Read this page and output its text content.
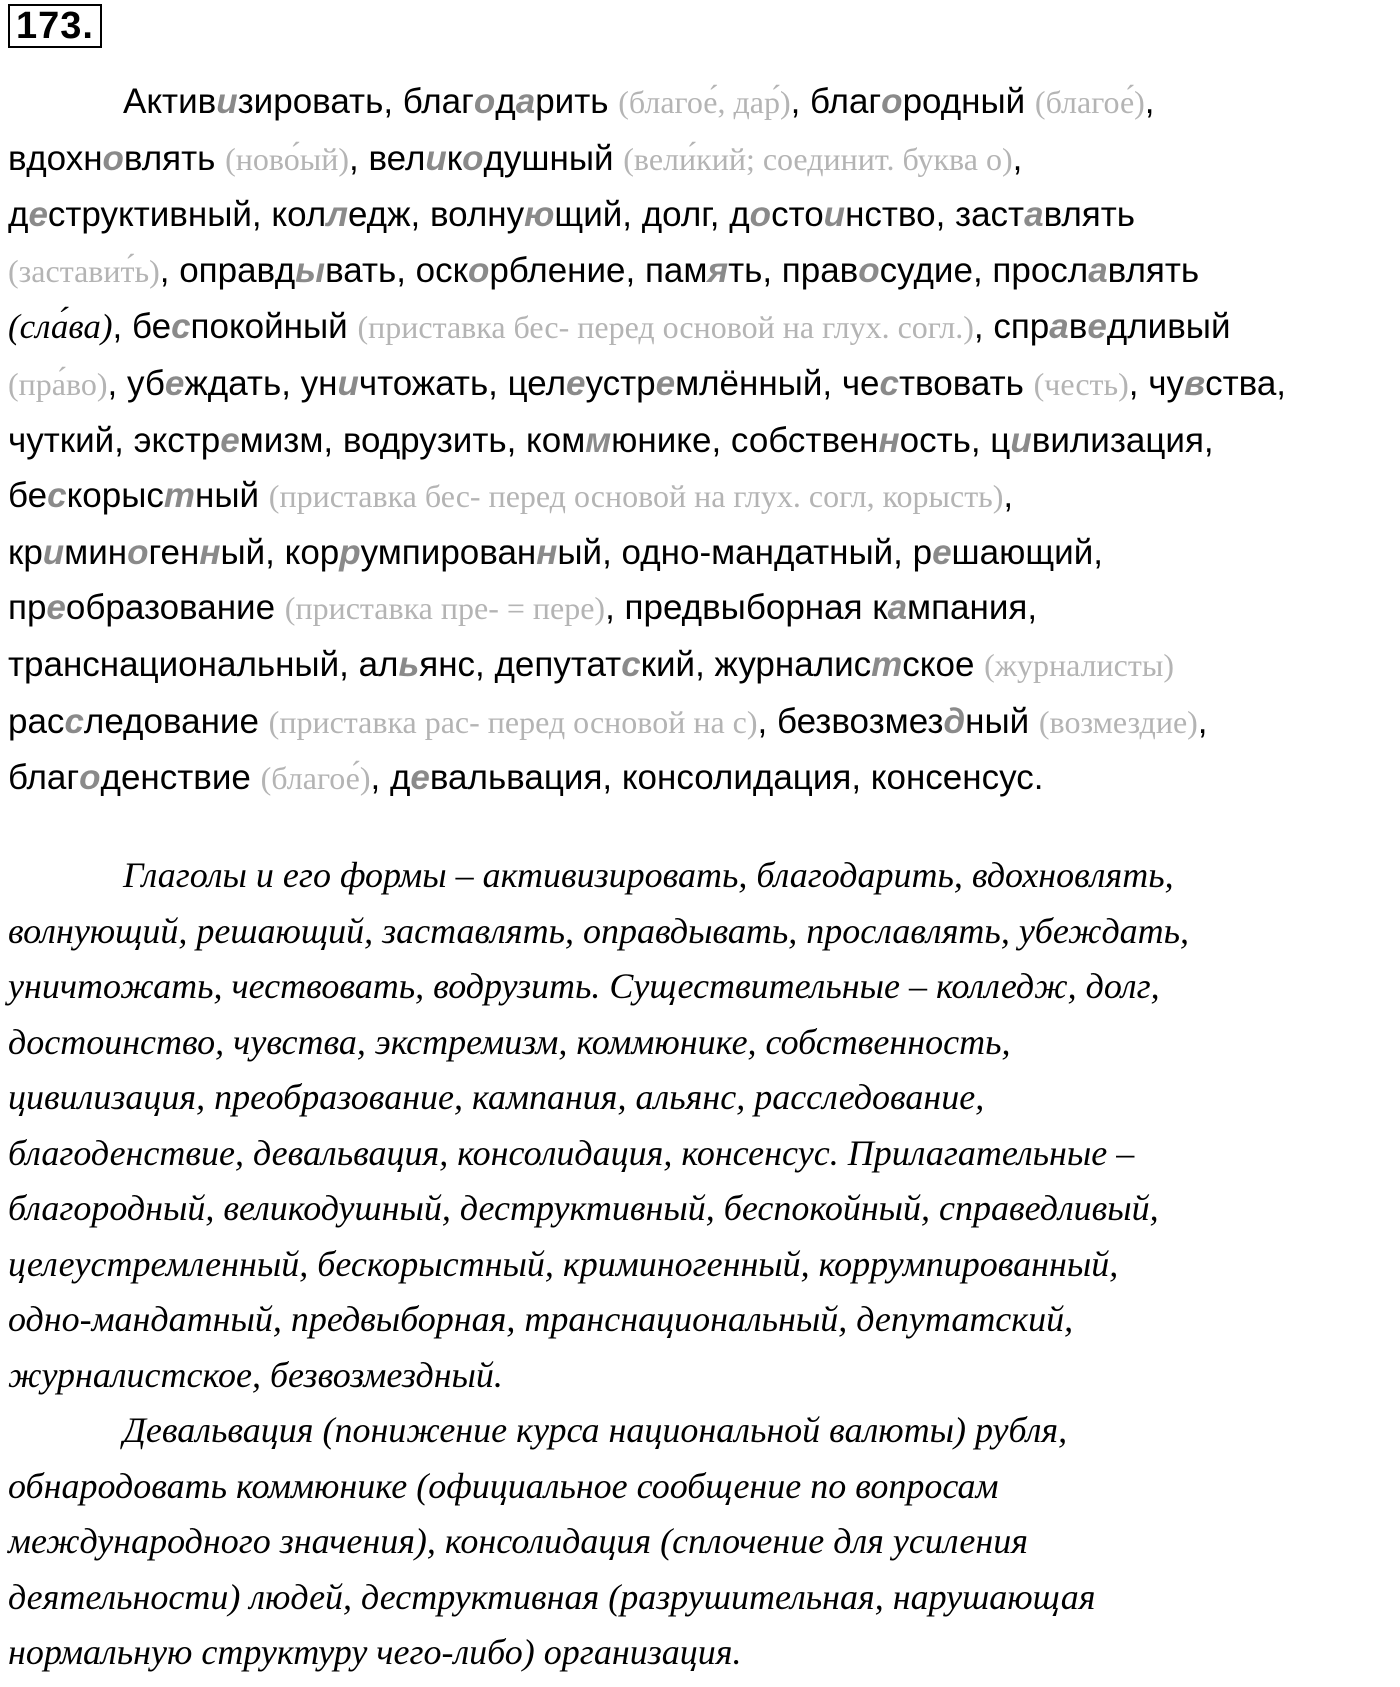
173.
Активизировать, благодарить (благое́, дар́), благородный (благое́),
вдохновлять (ново́ый), великодушный (вели́кий; соединит. буква о),
деструктивный, колледж, волнующий, долг, достоинство, заставлять
(заставит́ь), оправдывать, оскорбление, память, правосудие, прославлять
(сла́ва), беспокойный (приставка бес- перед основой на глух. согл.), справедливый
(пра́во), убеждать, уничтожать, целеустремлённый, чествовать (честь), чувства,
чуткий, экстремизм, водрузить, коммюнике, собственность, цивилизация,
бескорыстный (приставка бес- перед основой на глух. согл, корысть),
криминогенный, коррумпированный, одно-мандатный, решающий,
преобразование (приставка пре- = пере), предвыборная кампания,
транснациональный, альянс, депутатский, журналистское (журналисты)
расследование (приставка рас- перед основой на с), безвозмездный (возмездие),
благоденствие (благое́), девальвация, консолидация, консенсус.
Глаголы и его формы – активизировать, благодарить, вдохновлять,
волнующий, решающий, заставлять, оправдывать, прославлять, убеждать,
уничтожать, чествовать, водрузить. Существительные – колледж, долг,
достоинство, чувства, экстремизм, коммюнике, собственность,
цивилизация, преобразование, кампания, альянс, расследование,
благоденствие, девальвация, консолидация, консенсус. Прилагательные –
благородный, великодушный, деструктивный, беспокойный, справедливый,
целеустремленный, бескорыстный, криминогенный, коррумпированный,
одно-мандатный, предвыборная, транснациональный, депутатский,
журналистское, безвозмездный.
Девальвация (понижение курса национальной валюты) рубля,
обнародовать коммюнике (официальное сообщение по вопросам
международного значения), консолидация (сплочение для усиления
деятельности) людей, деструктивная (разрушительная, нарушающая
нормальную структуру чего-либо) организация.
